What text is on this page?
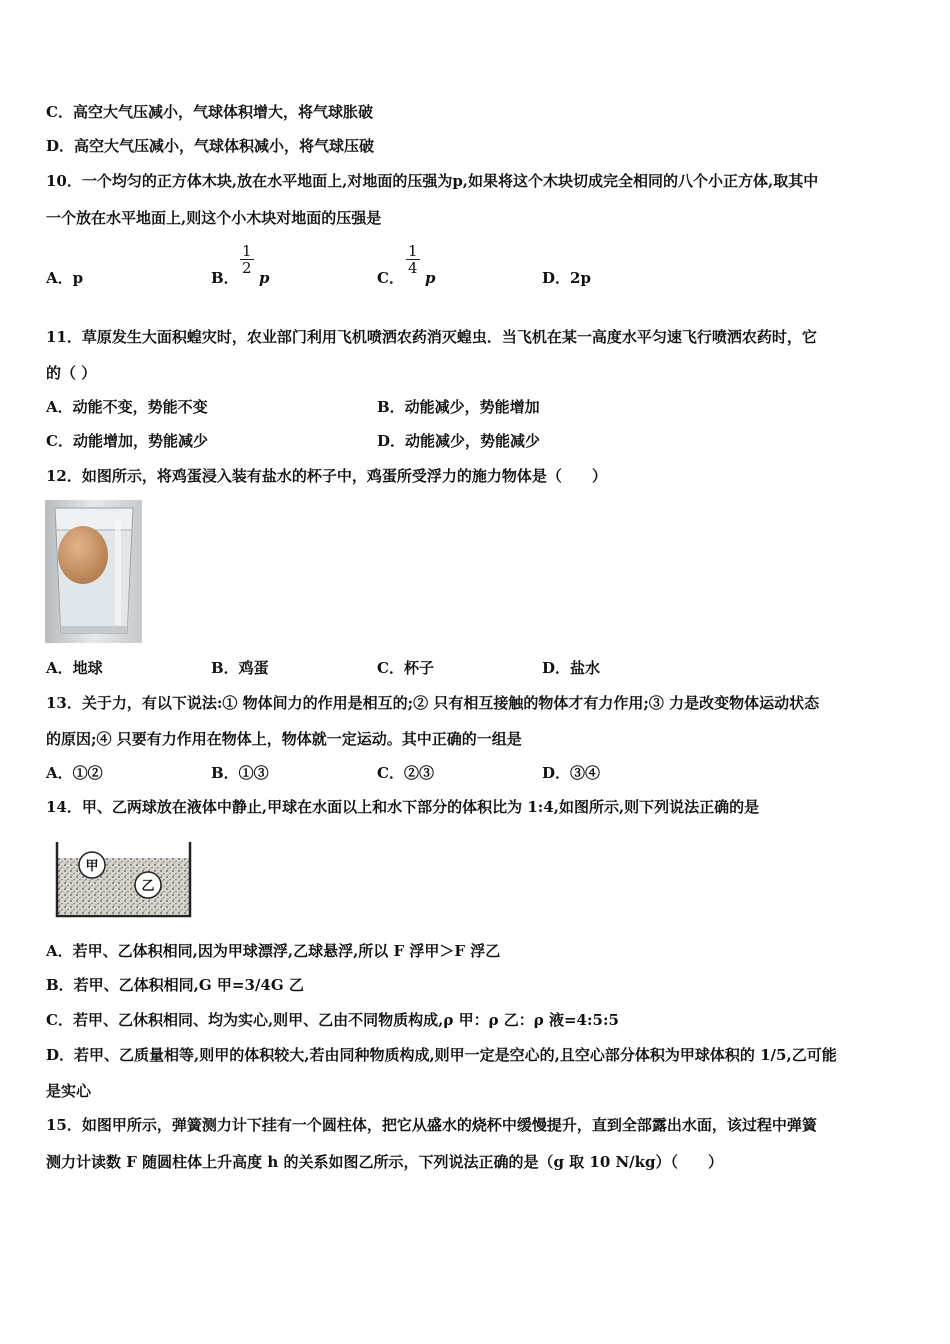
C．高空大气压减小，气球体积增大，将气球胀破
D．高空大气压减小，气球体积减小，将气球压破
10．一个均匀的正方体木块,放在水平地面上,对地面的压强为p,如果将这个木块切成完全相同的八个小正方体,取其中
一个放在水平地面上,则这个小木块对地面的压强是
A．p	B．
$\frac{1}{2}$
p	C．
$\frac{1}{4}$
p	D．2p
11．草原发生大面积蝗灾时，农业部门利用飞机喷洒农药消灭蝗虫．当飞机在某一高度水平匀速飞行喷洒农药时，它
的（ ）
A．动能不变，势能不变	B．动能减少，势能增加
C．动能增加，势能减少	D．动能减少，势能减少
12．如图所示，将鸡蛋浸入装有盐水的杯子中，鸡蛋所受浮力的施力物体是（　　）
A．地球	B．鸡蛋	C．杯子	D．盐水
13．关于力，有以下说法:① 物体间力的作用是相互的;② 只有相互接触的物体才有力作用;③ 力是改变物体运动状态
的原因;④ 只要有力作用在物体上，物体就一定运动。其中正确的一组是
A．①②	B．①③	C．②③	D．③④
14．甲、乙两球放在液体中静止,甲球在水面以上和水下部分的体积比为 1:4,如图所示,则下列说法正确的是
甲
乙
A．若甲、乙体积相同,因为甲球漂浮,乙球悬浮,所以 F 浮甲＞F 浮乙
B．若甲、乙体积相同,G 甲=3/4G 乙
C．若甲、乙休积相同、均为实心,则甲、乙由不同物质构成,ρ 甲：ρ 乙：ρ 液=4:5:5
D．若甲、乙质量相等,则甲的体积较大,若由同种物质构成,则甲一定是空心的,且空心部分体积为甲球体积的 1/5,乙可能
是实心
15．如图甲所示，弹簧测力计下挂有一个圆柱体，把它从盛水的烧杯中缓慢提升，直到全部露出水面，该过程中弹簧
测力计读数 F 随圆柱体上升高度 h 的关系如图乙所示，下列说法正确的是（g 取 10 N/kg）（　　）
